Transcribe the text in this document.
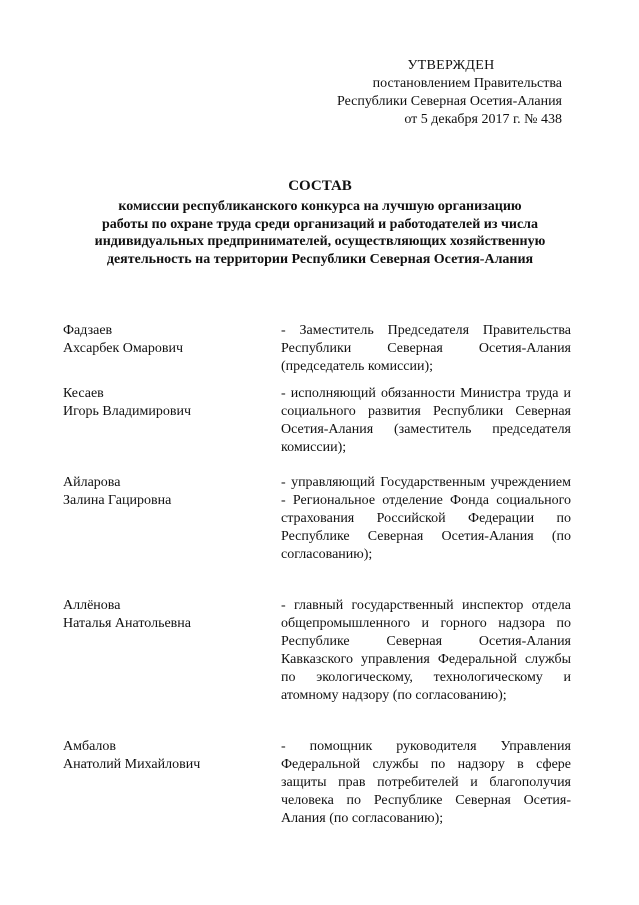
УТВЕРЖДЕН
постановлением Правительства
Республики Северная Осетия-Алания
от 5 декабря 2017 г. № 438
СОСТАВ
комиссии республиканского конкурса на лучшую организацию
работы по охране труда среди организаций и работодателей из числа
индивидуальных предпринимателей, осуществляющих хозяйственную
деятельность на территории Республики Северная Осетия-Алания
Фадзаев
Ахсарбек Омарович
- Заместитель Председателя Правительства Республики Северная Осетия-Алания (председатель комиссии);
Кесаев
Игорь Владимирович
- исполняющий обязанности Министра труда и социального развития Республики Северная Осетия-Алания (заместитель председателя комиссии);
Айларова
Залина Гацировна
- управляющий Государственным учреждением - Региональное отделение Фонда социального страхования Российской Федерации по Республике Северная Осетия-Алания (по согласованию);
Аллёнова
Наталья Анатольевна
- главный государственный инспектор отдела общепромышленного и горного надзора по Республике Северная Осетия-Алания Кавказского управления Федеральной службы по экологическому, технологическому и атомному надзору (по согласованию);
Амбалов
Анатолий Михайлович
- помощник руководителя Управления Федеральной службы по надзору в сфере защиты прав потребителей и благополучия человека по Республике Северная Осетия-Алания (по согласованию);
